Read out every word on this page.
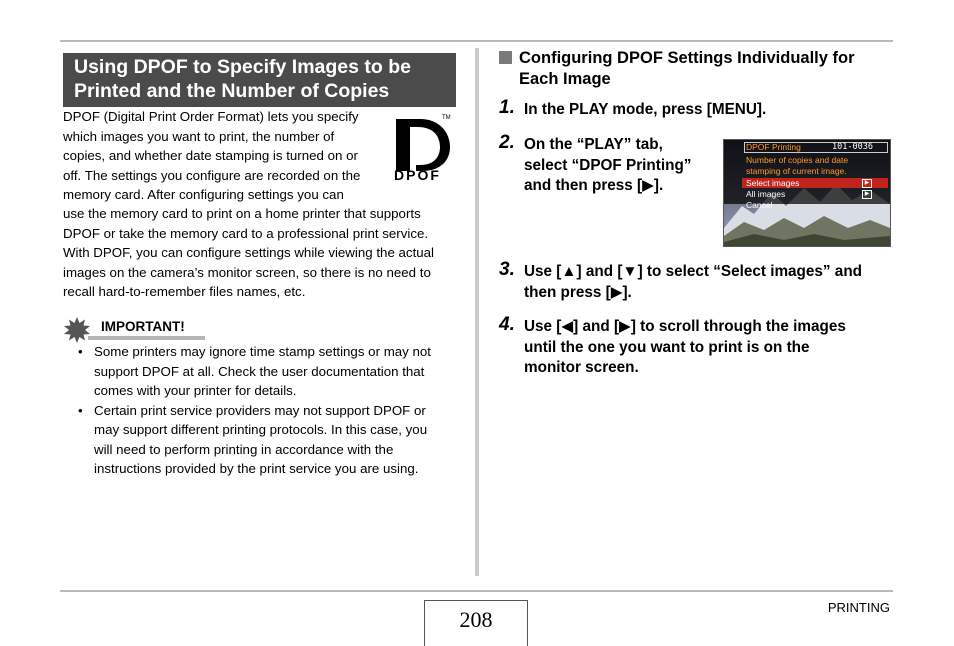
Using DPOF to Specify Images to be
Printed and the Number of Copies
DPOF (Digital Print Order Format) lets you specify
which images you want to print, the number of
copies, and whether date stamping is turned on or
off. The settings you configure are recorded on the
memory card. After configuring settings you can
use the memory card to print on a home printer that supports
DPOF or take the memory card to a professional print service.
With DPOF, you can configure settings while viewing the actual
images on the camera’s monitor screen, so there is no need to
recall hard-to-remember files names, etc.
TM
DPOF
IMPORTANT!
• Some printers may ignore time stamp settings or may not
support DPOF at all. Check the user documentation that
comes with your printer for details.
• Certain print service providers may not support DPOF or
may support different printing protocols. In this case, you
will need to perform printing in accordance with the
instructions provided by the print service you are using.
Configuring DPOF Settings Individually for
Each Image
1. In the PLAY mode, press [MENU].
2. On the “PLAY” tab,
select “DPOF Printing”
and then press [▶].
DPOF Printing	101-0036
Number of copies and date
stamping of current image.
Select images	▶
All images	▶
Cancel
3. Use [▲] and [▼] to select “Select images” and
then press [▶].
4. Use [◀] and [▶] to scroll through the images
until the one you want to print is on the
monitor screen.
208	PRINTING
